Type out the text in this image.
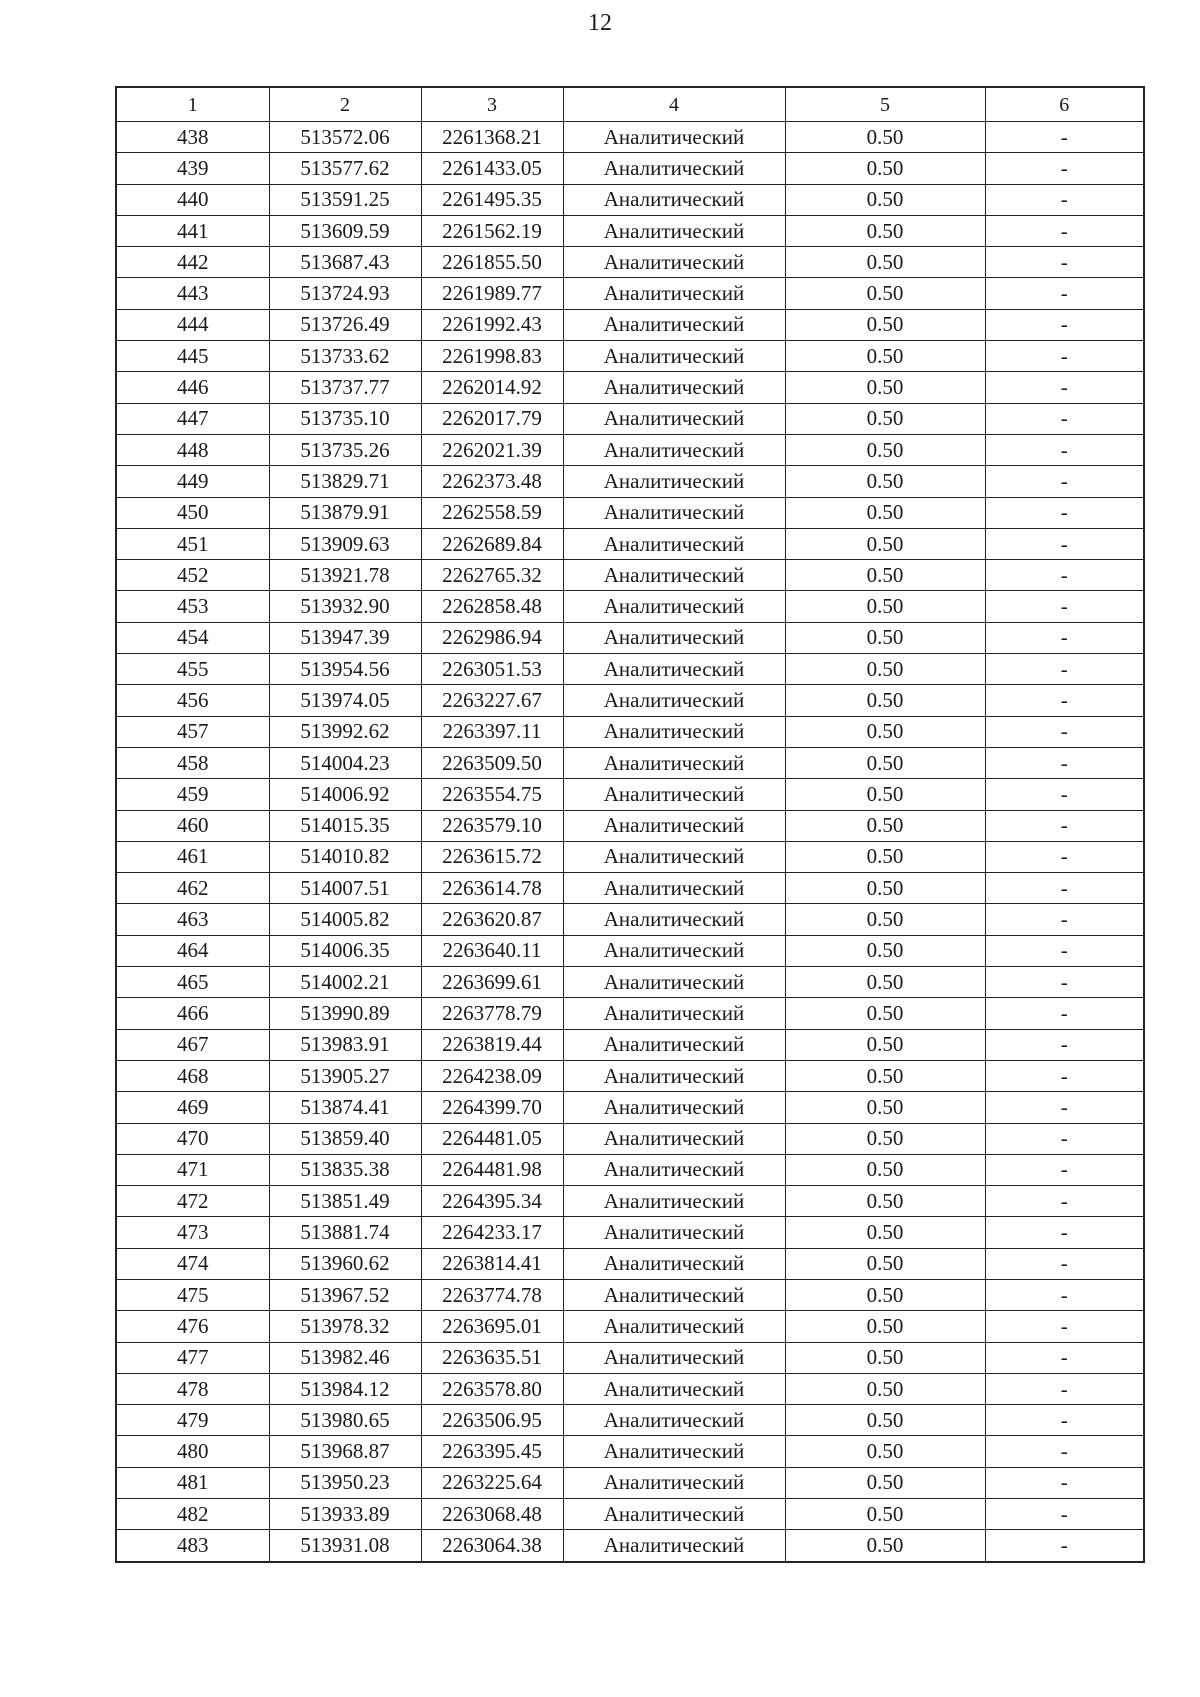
12
1	2	3	4	5	6
438	513572.06	2261368.21	Аналитический	0.50	-
439	513577.62	2261433.05	Аналитический	0.50	-
440	513591.25	2261495.35	Аналитический	0.50	-
441	513609.59	2261562.19	Аналитический	0.50	-
442	513687.43	2261855.50	Аналитический	0.50	-
443	513724.93	2261989.77	Аналитический	0.50	-
444	513726.49	2261992.43	Аналитический	0.50	-
445	513733.62	2261998.83	Аналитический	0.50	-
446	513737.77	2262014.92	Аналитический	0.50	-
447	513735.10	2262017.79	Аналитический	0.50	-
448	513735.26	2262021.39	Аналитический	0.50	-
449	513829.71	2262373.48	Аналитический	0.50	-
450	513879.91	2262558.59	Аналитический	0.50	-
451	513909.63	2262689.84	Аналитический	0.50	-
452	513921.78	2262765.32	Аналитический	0.50	-
453	513932.90	2262858.48	Аналитический	0.50	-
454	513947.39	2262986.94	Аналитический	0.50	-
455	513954.56	2263051.53	Аналитический	0.50	-
456	513974.05	2263227.67	Аналитический	0.50	-
457	513992.62	2263397.11	Аналитический	0.50	-
458	514004.23	2263509.50	Аналитический	0.50	-
459	514006.92	2263554.75	Аналитический	0.50	-
460	514015.35	2263579.10	Аналитический	0.50	-
461	514010.82	2263615.72	Аналитический	0.50	-
462	514007.51	2263614.78	Аналитический	0.50	-
463	514005.82	2263620.87	Аналитический	0.50	-
464	514006.35	2263640.11	Аналитический	0.50	-
465	514002.21	2263699.61	Аналитический	0.50	-
466	513990.89	2263778.79	Аналитический	0.50	-
467	513983.91	2263819.44	Аналитический	0.50	-
468	513905.27	2264238.09	Аналитический	0.50	-
469	513874.41	2264399.70	Аналитический	0.50	-
470	513859.40	2264481.05	Аналитический	0.50	-
471	513835.38	2264481.98	Аналитический	0.50	-
472	513851.49	2264395.34	Аналитический	0.50	-
473	513881.74	2264233.17	Аналитический	0.50	-
474	513960.62	2263814.41	Аналитический	0.50	-
475	513967.52	2263774.78	Аналитический	0.50	-
476	513978.32	2263695.01	Аналитический	0.50	-
477	513982.46	2263635.51	Аналитический	0.50	-
478	513984.12	2263578.80	Аналитический	0.50	-
479	513980.65	2263506.95	Аналитический	0.50	-
480	513968.87	2263395.45	Аналитический	0.50	-
481	513950.23	2263225.64	Аналитический	0.50	-
482	513933.89	2263068.48	Аналитический	0.50	-
483	513931.08	2263064.38	Аналитический	0.50	-
